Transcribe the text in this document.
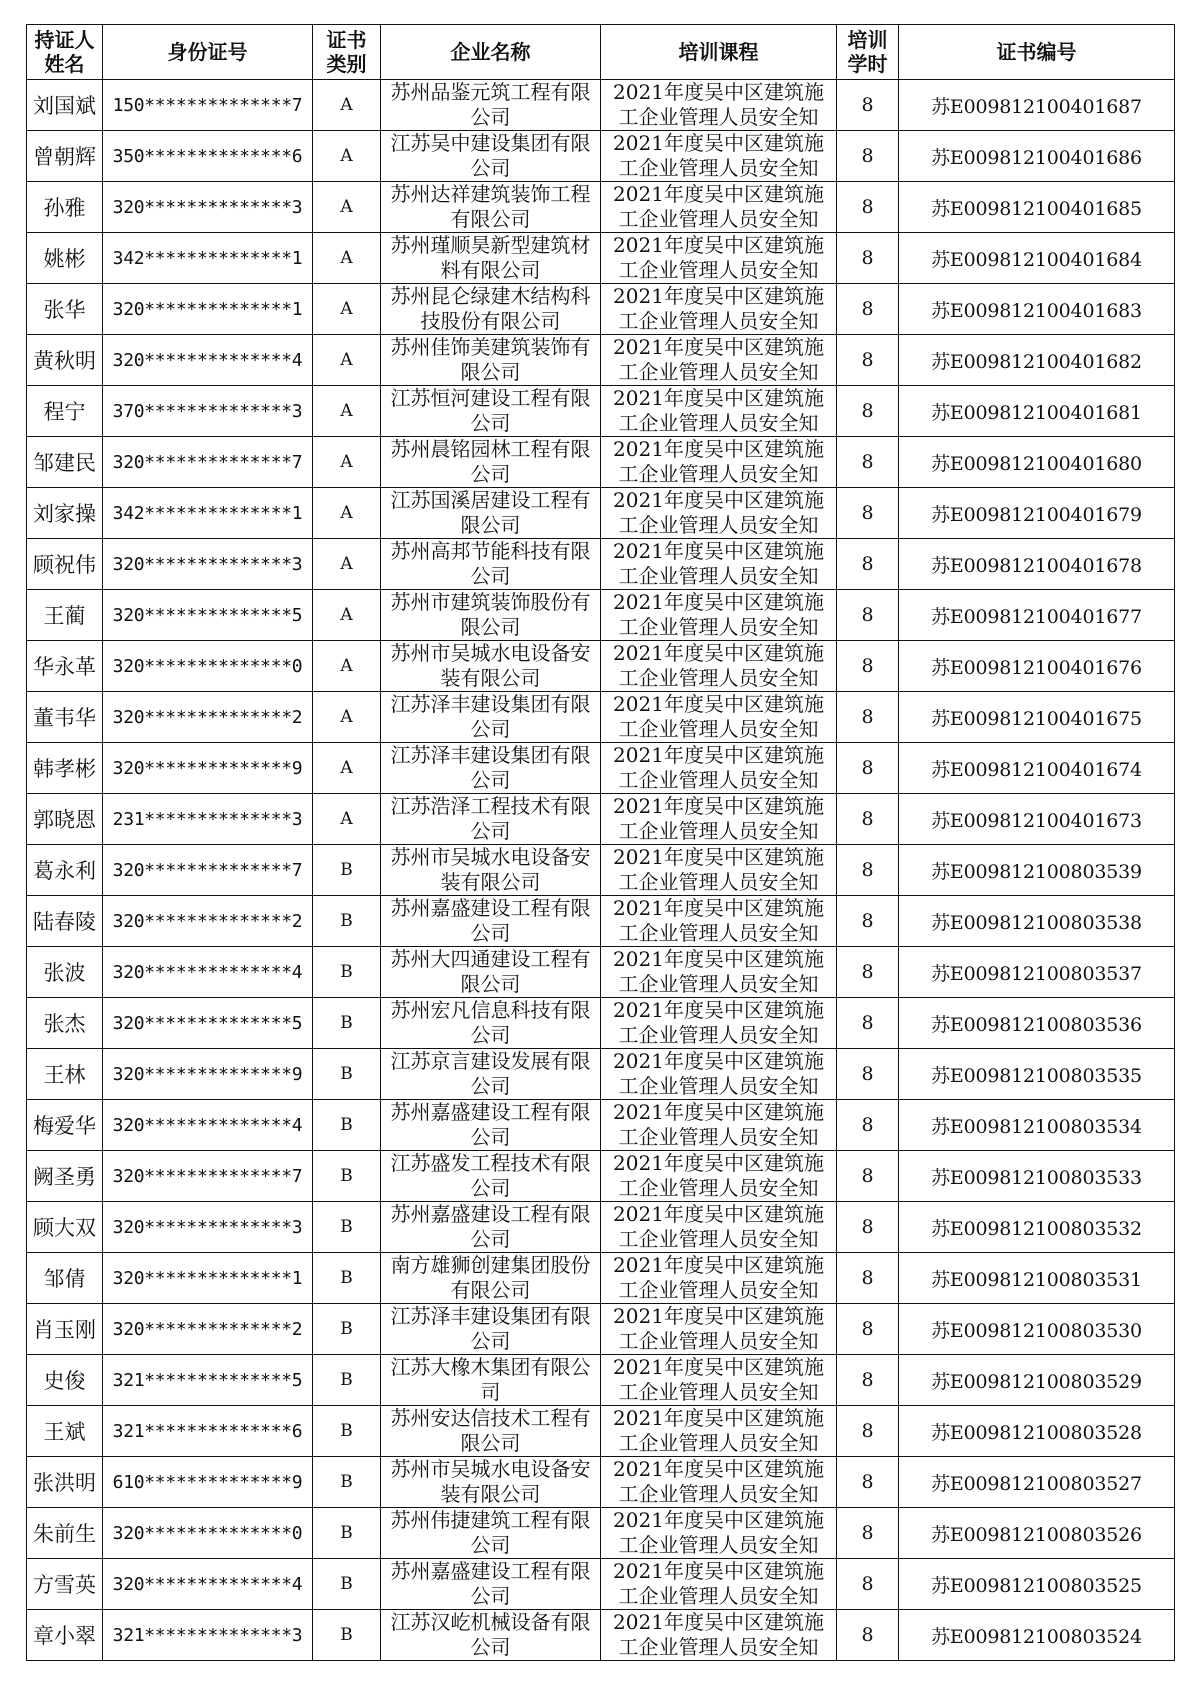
持证人姓名	身份证号	证书类别	企业名称	培训课程	培训学时	证书编号
刘国斌	150**************7	A	苏州品鉴元筑工程有限公司	2021年度吴中区建筑施工企业管理人员安全知	8	苏E009812100401687
曾朝辉	350**************6	A	江苏吴中建设集团有限公司	2021年度吴中区建筑施工企业管理人员安全知	8	苏E009812100401686
孙雅	320**************3	A	苏州达祥建筑装饰工程有限公司	2021年度吴中区建筑施工企业管理人员安全知	8	苏E009812100401685
姚彬	342**************1	A	苏州瑾顺昊新型建筑材料有限公司	2021年度吴中区建筑施工企业管理人员安全知	8	苏E009812100401684
张华	320**************1	A	苏州昆仑绿建木结构科技股份有限公司	2021年度吴中区建筑施工企业管理人员安全知	8	苏E009812100401683
黄秋明	320**************4	A	苏州佳饰美建筑装饰有限公司	2021年度吴中区建筑施工企业管理人员安全知	8	苏E009812100401682
程宁	370**************3	A	江苏恒河建设工程有限公司	2021年度吴中区建筑施工企业管理人员安全知	8	苏E009812100401681
邹建民	320**************7	A	苏州晨铭园林工程有限公司	2021年度吴中区建筑施工企业管理人员安全知	8	苏E009812100401680
刘家操	342**************1	A	江苏国溪居建设工程有限公司	2021年度吴中区建筑施工企业管理人员安全知	8	苏E009812100401679
顾祝伟	320**************3	A	苏州高邦节能科技有限公司	2021年度吴中区建筑施工企业管理人员安全知	8	苏E009812100401678
王蔺	320**************5	A	苏州市建筑装饰股份有限公司	2021年度吴中区建筑施工企业管理人员安全知	8	苏E009812100401677
华永革	320**************0	A	苏州市吴城水电设备安装有限公司	2021年度吴中区建筑施工企业管理人员安全知	8	苏E009812100401676
董韦华	320**************2	A	江苏泽丰建设集团有限公司	2021年度吴中区建筑施工企业管理人员安全知	8	苏E009812100401675
韩孝彬	320**************9	A	江苏泽丰建设集团有限公司	2021年度吴中区建筑施工企业管理人员安全知	8	苏E009812100401674
郭晓恩	231**************3	A	江苏浩泽工程技术有限公司	2021年度吴中区建筑施工企业管理人员安全知	8	苏E009812100401673
葛永利	320**************7	B	苏州市吴城水电设备安装有限公司	2021年度吴中区建筑施工企业管理人员安全知	8	苏E009812100803539
陆春陵	320**************2	B	苏州嘉盛建设工程有限公司	2021年度吴中区建筑施工企业管理人员安全知	8	苏E009812100803538
张波	320**************4	B	苏州大四通建设工程有限公司	2021年度吴中区建筑施工企业管理人员安全知	8	苏E009812100803537
张杰	320**************5	B	苏州宏凡信息科技有限公司	2021年度吴中区建筑施工企业管理人员安全知	8	苏E009812100803536
王林	320**************9	B	江苏京言建设发展有限公司	2021年度吴中区建筑施工企业管理人员安全知	8	苏E009812100803535
梅爱华	320**************4	B	苏州嘉盛建设工程有限公司	2021年度吴中区建筑施工企业管理人员安全知	8	苏E009812100803534
阙圣勇	320**************7	B	江苏盛发工程技术有限公司	2021年度吴中区建筑施工企业管理人员安全知	8	苏E009812100803533
顾大双	320**************3	B	苏州嘉盛建设工程有限公司	2021年度吴中区建筑施工企业管理人员安全知	8	苏E009812100803532
邹倩	320**************1	B	南方雄狮创建集团股份有限公司	2021年度吴中区建筑施工企业管理人员安全知	8	苏E009812100803531
肖玉刚	320**************2	B	江苏泽丰建设集团有限公司	2021年度吴中区建筑施工企业管理人员安全知	8	苏E009812100803530
史俊	321**************5	B	江苏大橡木集团有限公司	2021年度吴中区建筑施工企业管理人员安全知	8	苏E009812100803529
王斌	321**************6	B	苏州安达信技术工程有限公司	2021年度吴中区建筑施工企业管理人员安全知	8	苏E009812100803528
张洪明	610**************9	B	苏州市吴城水电设备安装有限公司	2021年度吴中区建筑施工企业管理人员安全知	8	苏E009812100803527
朱前生	320**************0	B	苏州伟捷建筑工程有限公司	2021年度吴中区建筑施工企业管理人员安全知	8	苏E009812100803526
方雪英	320**************4	B	苏州嘉盛建设工程有限公司	2021年度吴中区建筑施工企业管理人员安全知	8	苏E009812100803525
章小翠	321**************3	B	江苏汉屹机械设备有限公司	2021年度吴中区建筑施工企业管理人员安全知	8	苏E009812100803524
